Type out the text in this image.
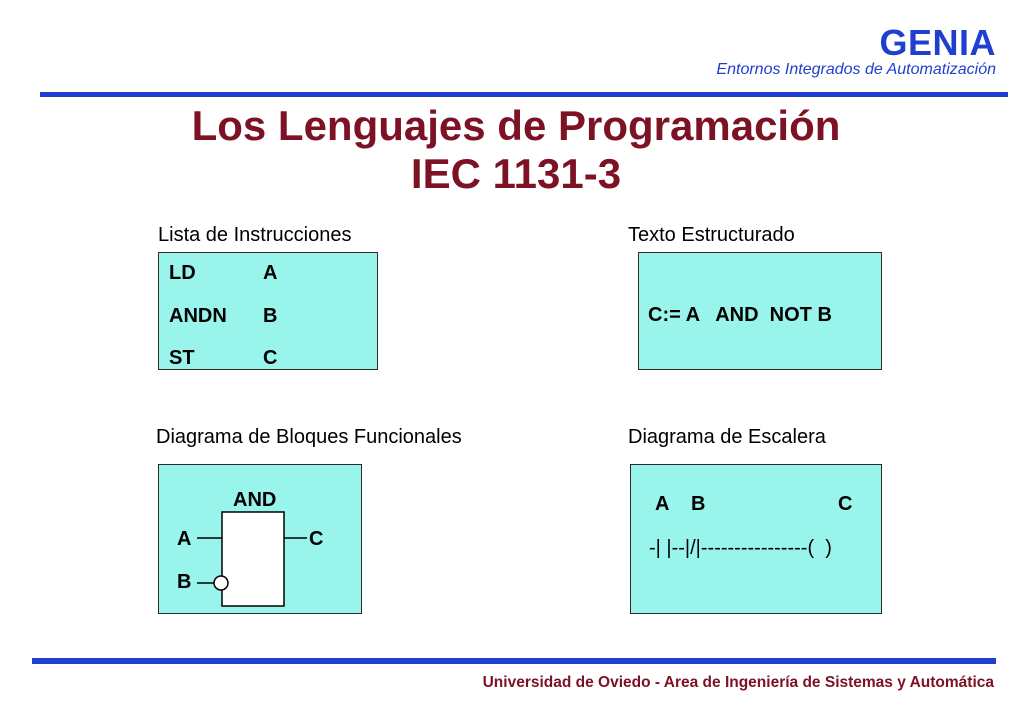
GENIA
Entornos Integrados de Automatización
Los Lenguajes de Programación
IEC 1131-3
Lista de Instrucciones
LD	A
ANDN B
ST	C
Texto Estructurado
C:= A   AND  NOT B
Diagrama de Bloques Funcionales
AND
A
B
C
Diagrama de Escalera
A B	C
-| |--|/|----------------(  )
Universidad de Oviedo - Area de Ingeniería de Sistemas y Automática
